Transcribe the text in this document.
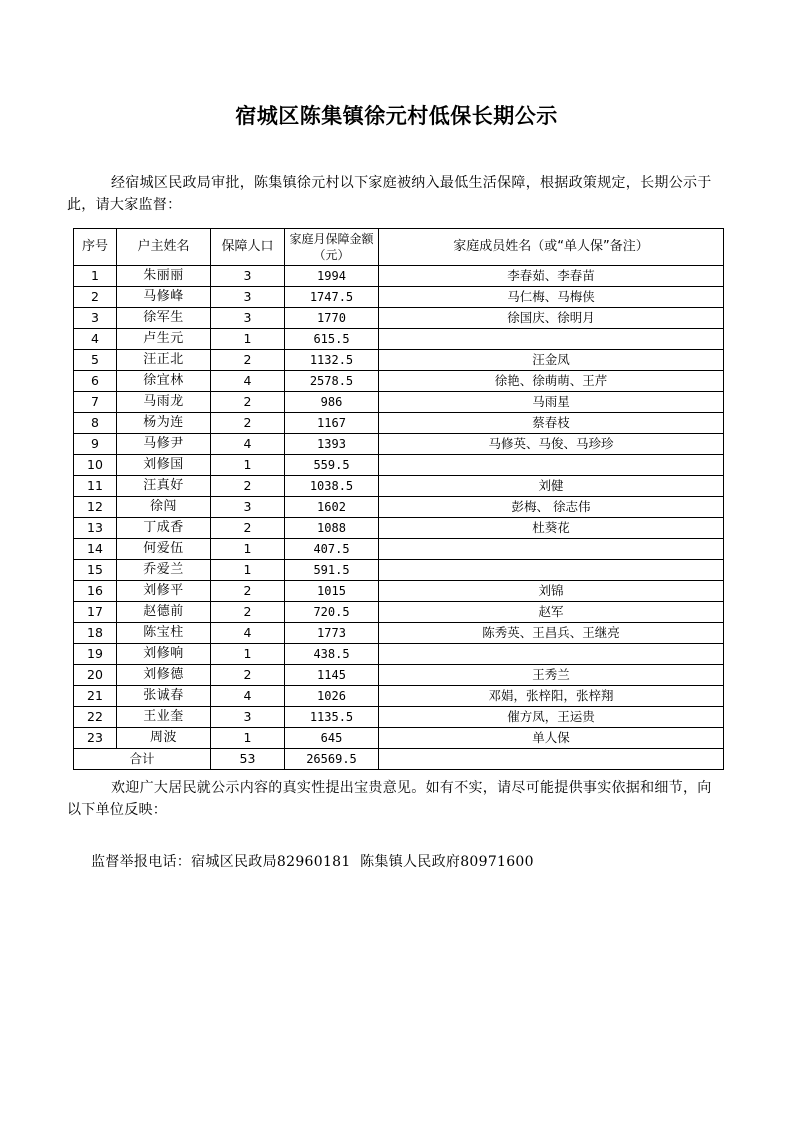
宿城区陈集镇徐元村低保长期公示
经宿城区民政局审批，陈集镇徐元村以下家庭被纳入最低生活保障，根据政策规定，长期公示于此，请大家监督：
序号	户主姓名	保障人口	家庭月保障金额（元）	家庭成员姓名（或“单人保”备注）
1	朱丽丽	3	1994	李春茹、李春苗
2	马修峰	3	1747.5	马仁梅、马梅侠
3	徐军生	3	1770	徐国庆、徐明月
4	卢生元	1	615.5	
5	汪正北	2	1132.5	汪金凤
6	徐宜林	4	2578.5	徐艳、徐萌萌、王芹
7	马雨龙	2	986	马雨星
8	杨为连	2	1167	蔡春枝
9	马修尹	4	1393	马修英、马俊、马珍珍
10	刘修国	1	559.5	
11	汪真好	2	1038.5	刘健
12	徐闯	3	1602	彭梅、 徐志伟
13	丁成香	2	1088	杜葵花
14	何爱伍	1	407.5	
15	乔爱兰	1	591.5	
16	刘修平	2	1015	刘锦
17	赵德前	2	720.5	赵军
18	陈宝柱	4	1773	陈秀英、王昌兵、王继亮
19	刘修响	1	438.5	
20	刘修德	2	1145	王秀兰
21	张诚春	4	1026	邓娟，张梓阳，张梓翔
22	王业奎	3	1135.5	催方凤，王运贵
23	周波	1	645	单人保
合计		53	26569.5	
欢迎广大居民就公示内容的真实性提出宝贵意见。如有不实，请尽可能提供事实依据和细节，向以下单位反映：
监督举报电话：宿城区民政局82960181 陈集镇人民政府80971600
